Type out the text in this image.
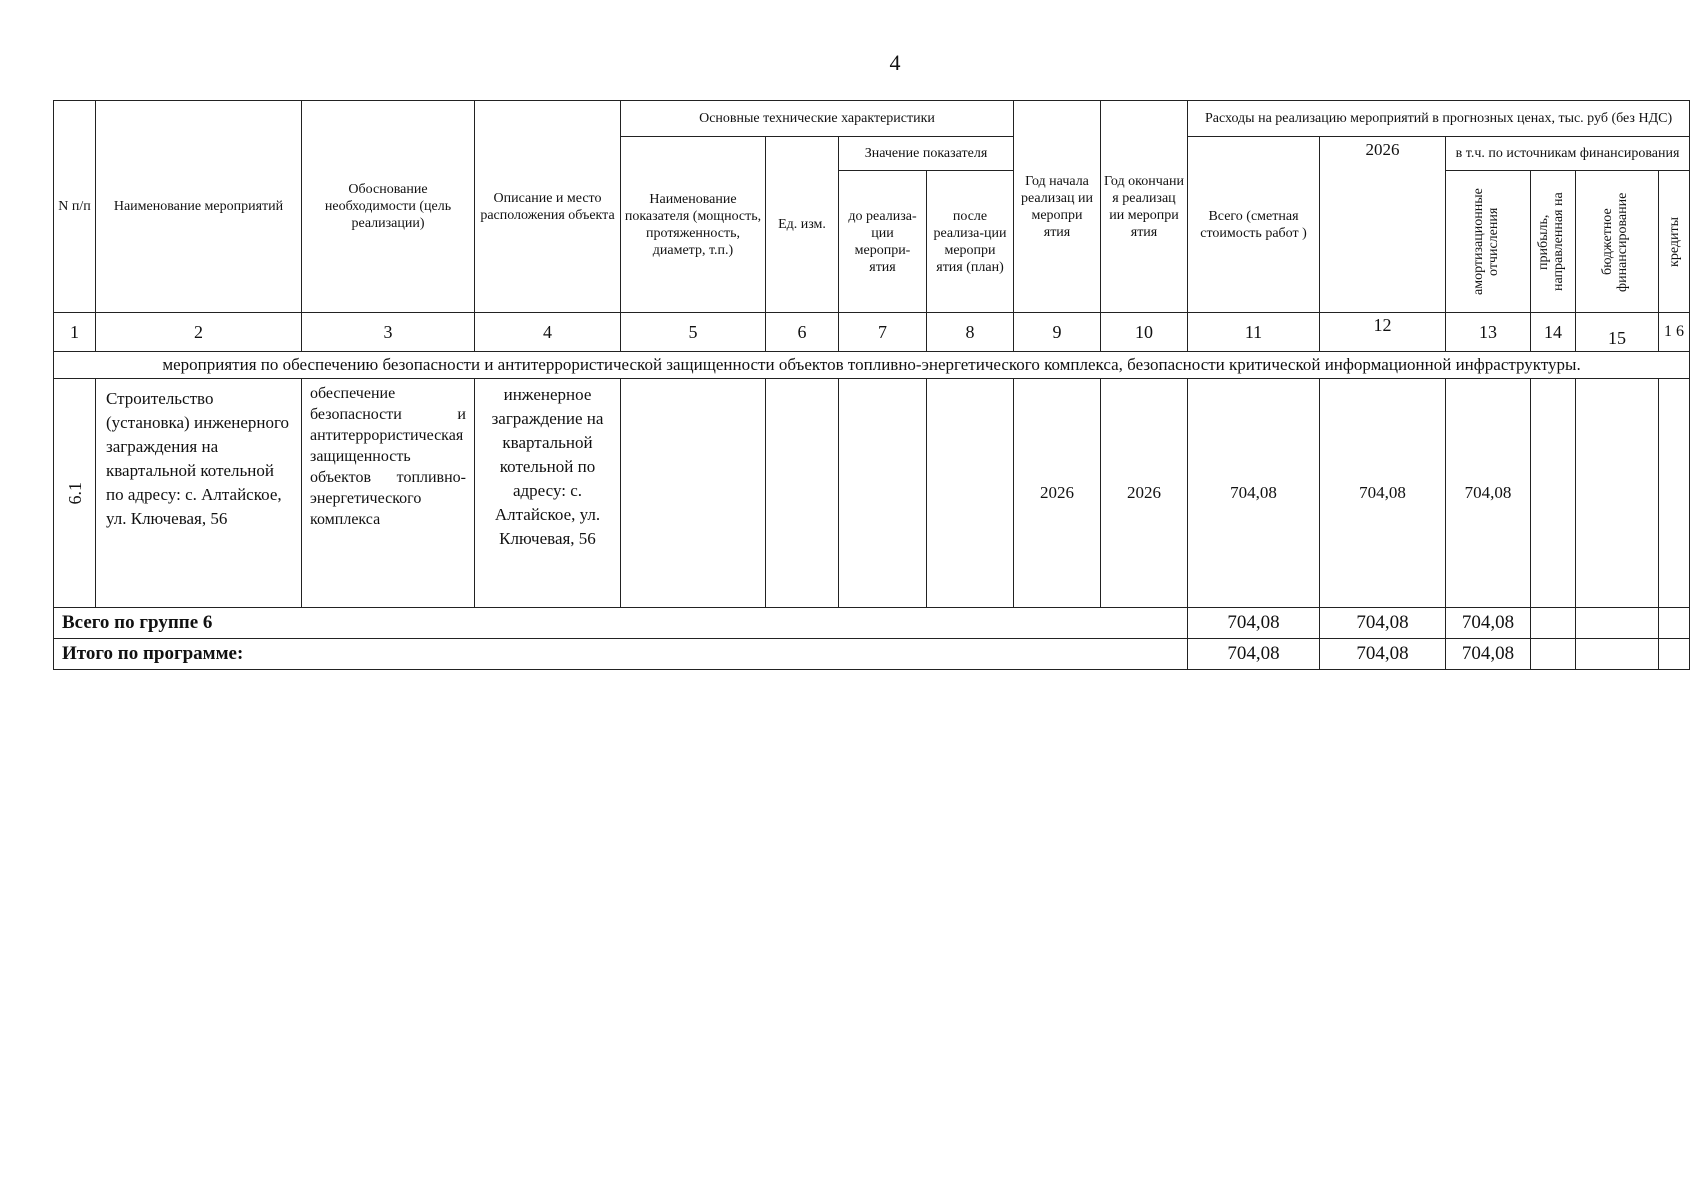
4
N п/п	Наименование мероприятий	Обоснование необходимости (цель реализации)	Описание и место расположения объекта	Основные технические характеристики				Год начала реализац ии меропри ятия	Год окончани я реализац ии меропри ятия	Расходы на реализацию мероприятий в прогнозных ценах, тыс. руб (без НДС)					
				Наименование показателя (мощность, протяженность, диаметр, т.п.)	Ед. изм.	Значение показателя				Всего (сметная стоимость работ )	2026	в т.ч. по источникам финансирования			
						до реализа-ции меропри-ятия	после реализа-ции меропри ятия (план)					амортизационные отчисления	прибыль, направленная на	бюджетное финансирование	кредиты

1	2	3	4	5	6	7	8	9	10	11	12	13	14	15	1 6
мероприятия по обеспечению безопасности и антитеррористической защищенности объектов топливно-энергетического комплекса, безопасности критической информационной инфраструктуры.															

6.1	Строительство (установка) инженерного заграждения на квартальной котельной по адресу: с. Алтайское, ул. Ключевая, 56	обеспечение безопасности и антитеррористическая защищенность объектов топливно-энергетического комплекса	инженерное заграждение на квартальной котельной по адресу: с. Алтайское, ул. Ключевая, 56					2026	2026	704,08	704,08	704,08			
Всего по группе 6										704,08	704,08	704,08			
Итого по программе:										704,08	704,08	704,08			
